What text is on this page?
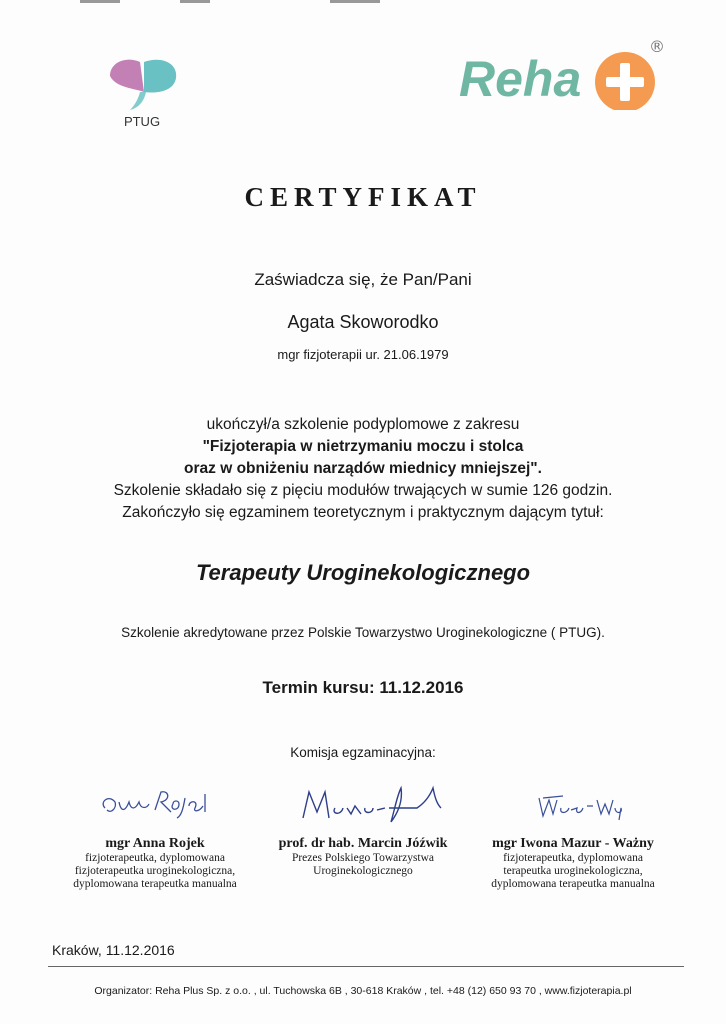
PTUG
Reha
®
CERTYFIKAT
Zaświadcza się, że Pan/Pani
Agata Skoworodko
mgr fizjoterapii ur. 21.06.1979
ukończył/a szkolenie podyplomowe z zakresu
"Fizjoterapia w nietrzymaniu moczu i stolca
oraz w obniżeniu narządów miednicy mniejszej".
Szkolenie składało się z pięciu modułów trwających w sumie 126 godzin.
Zakończyło się egzaminem teoretycznym i praktycznym dającym tytuł:
Terapeuty Uroginekologicznego
Szkolenie akredytowane przez Polskie Towarzystwo Uroginekologiczne ( PTUG).
Termin kursu: 11.12.2016
Komisja egzaminacyjna:
mgr Anna Rojek
fizjoterapeutka, dyplomowana
fizjoterapeutka uroginekologiczna,
dyplomowana terapeutka manualna
prof. dr hab. Marcin Jóźwik
Prezes Polskiego Towarzystwa
Uroginekologicznego
mgr Iwona Mazur - Ważny
fizjoterapeutka, dyplomowana
terapeutka uroginekologiczna,
dyplomowana terapeutka manualna
Kraków, 11.12.2016
Organizator: Reha Plus Sp. z o.o. , ul. Tuchowska 6B , 30-618 Kraków , tel. +48 (12) 650 93 70 , www.fizjoterapia.pl
